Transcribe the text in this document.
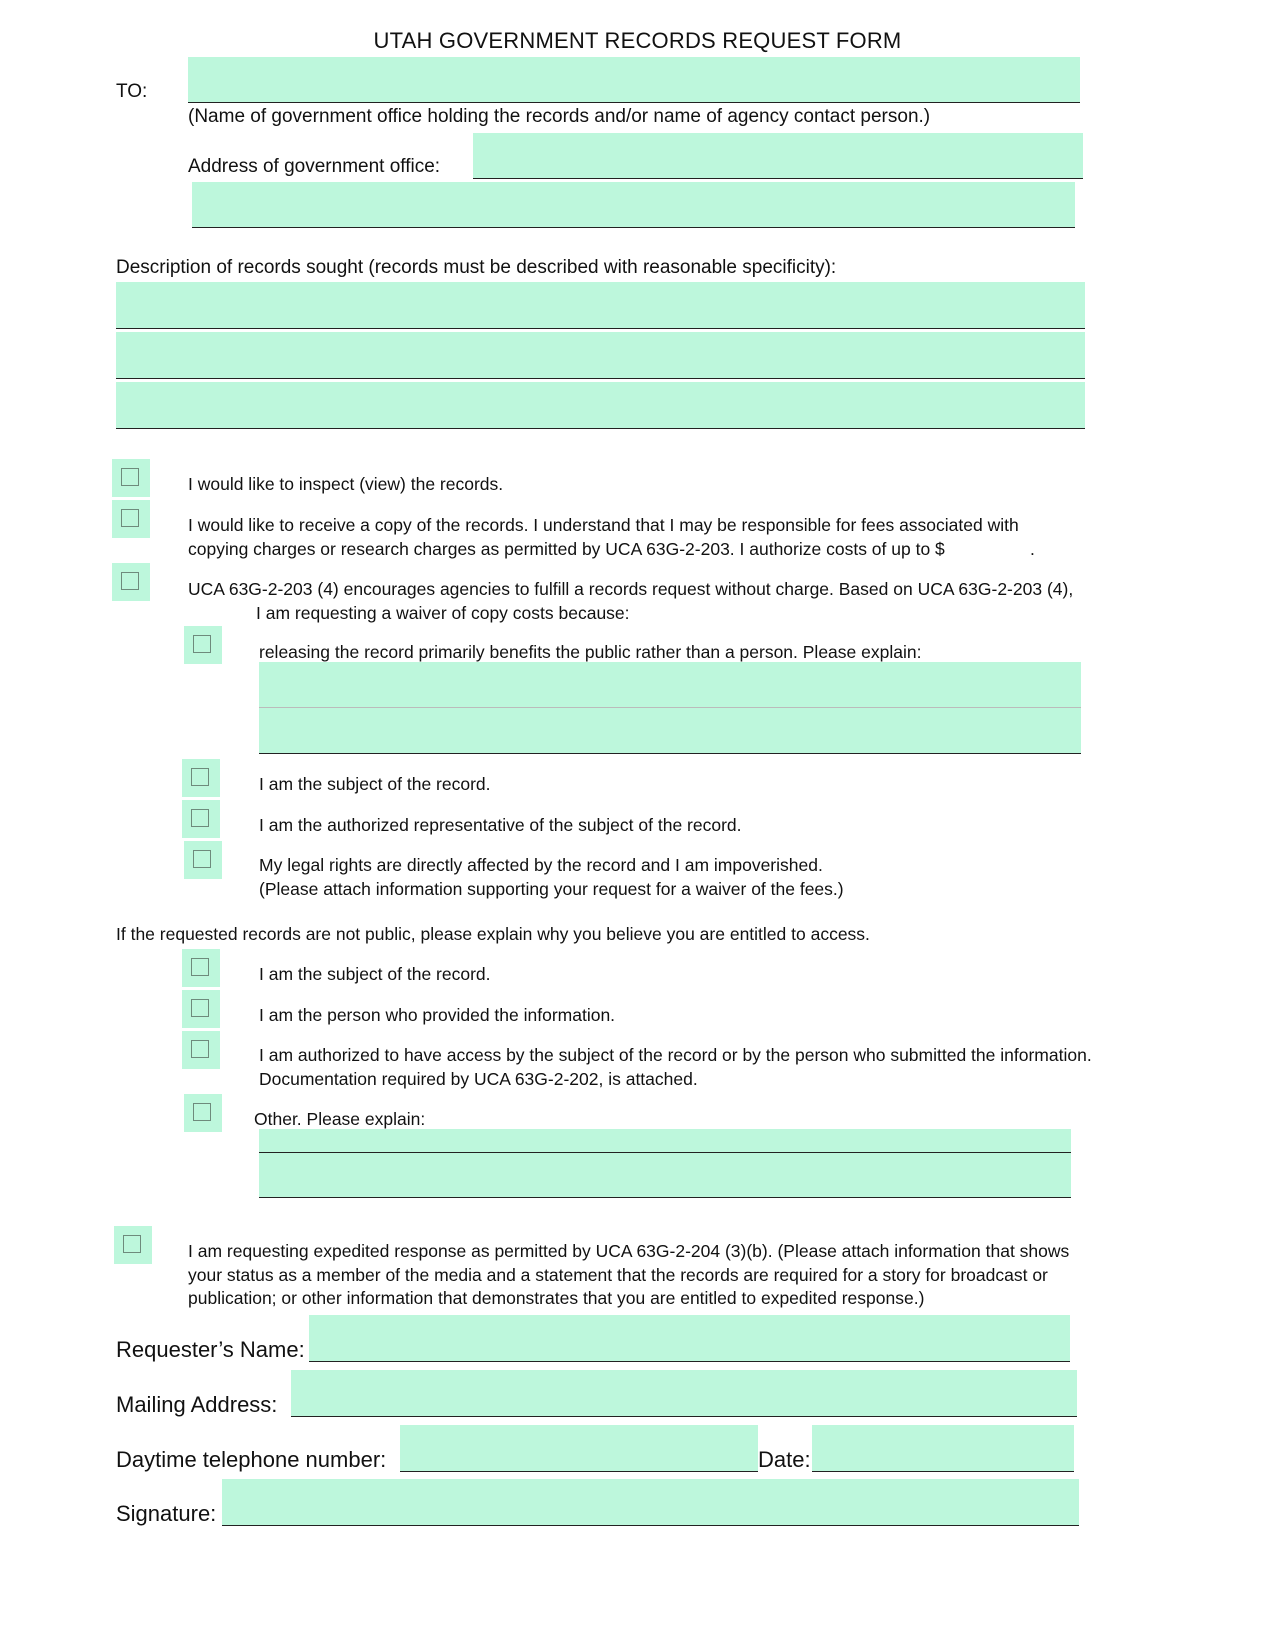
UTAH GOVERNMENT RECORDS REQUEST FORM
TO:
(Name of government office holding the records and/or name of agency contact person.)
Address of government office:
Description of records sought (records must be described with reasonable specificity):
I would like to inspect (view) the records.
I would like to receive a copy of the records. I understand that I may be responsible for fees associated with
copying charges or research charges as permitted by UCA 63G-2-203. I authorize costs of up to $	.
UCA 63G-2-203 (4) encourages agencies to fulfill a records request without charge. Based on UCA 63G-2-203 (4),
I am requesting a waiver of copy costs because:
releasing the record primarily benefits the public rather than a person. Please explain:
I am the subject of the record.
I am the authorized representative of the subject of the record.
My legal rights are directly affected by the record and I am impoverished.
(Please attach information supporting your request for a waiver of the fees.)
If the requested records are not public, please explain why you believe you are entitled to access.
I am the subject of the record.
I am the person who provided the information.
I am authorized to have access by the subject of the record or by the person who submitted the information.
Documentation required by UCA 63G-2-202, is attached.
Other. Please explain:
I am requesting expedited response as permitted by UCA 63G-2-204 (3)(b). (Please attach information that shows
your status as a member of the media and a statement that the records are required for a story for broadcast or
publication; or other information that demonstrates that you are entitled to expedited response.)
Requester’s Name:
Mailing Address:
Daytime telephone number:	Date:
Signature:
